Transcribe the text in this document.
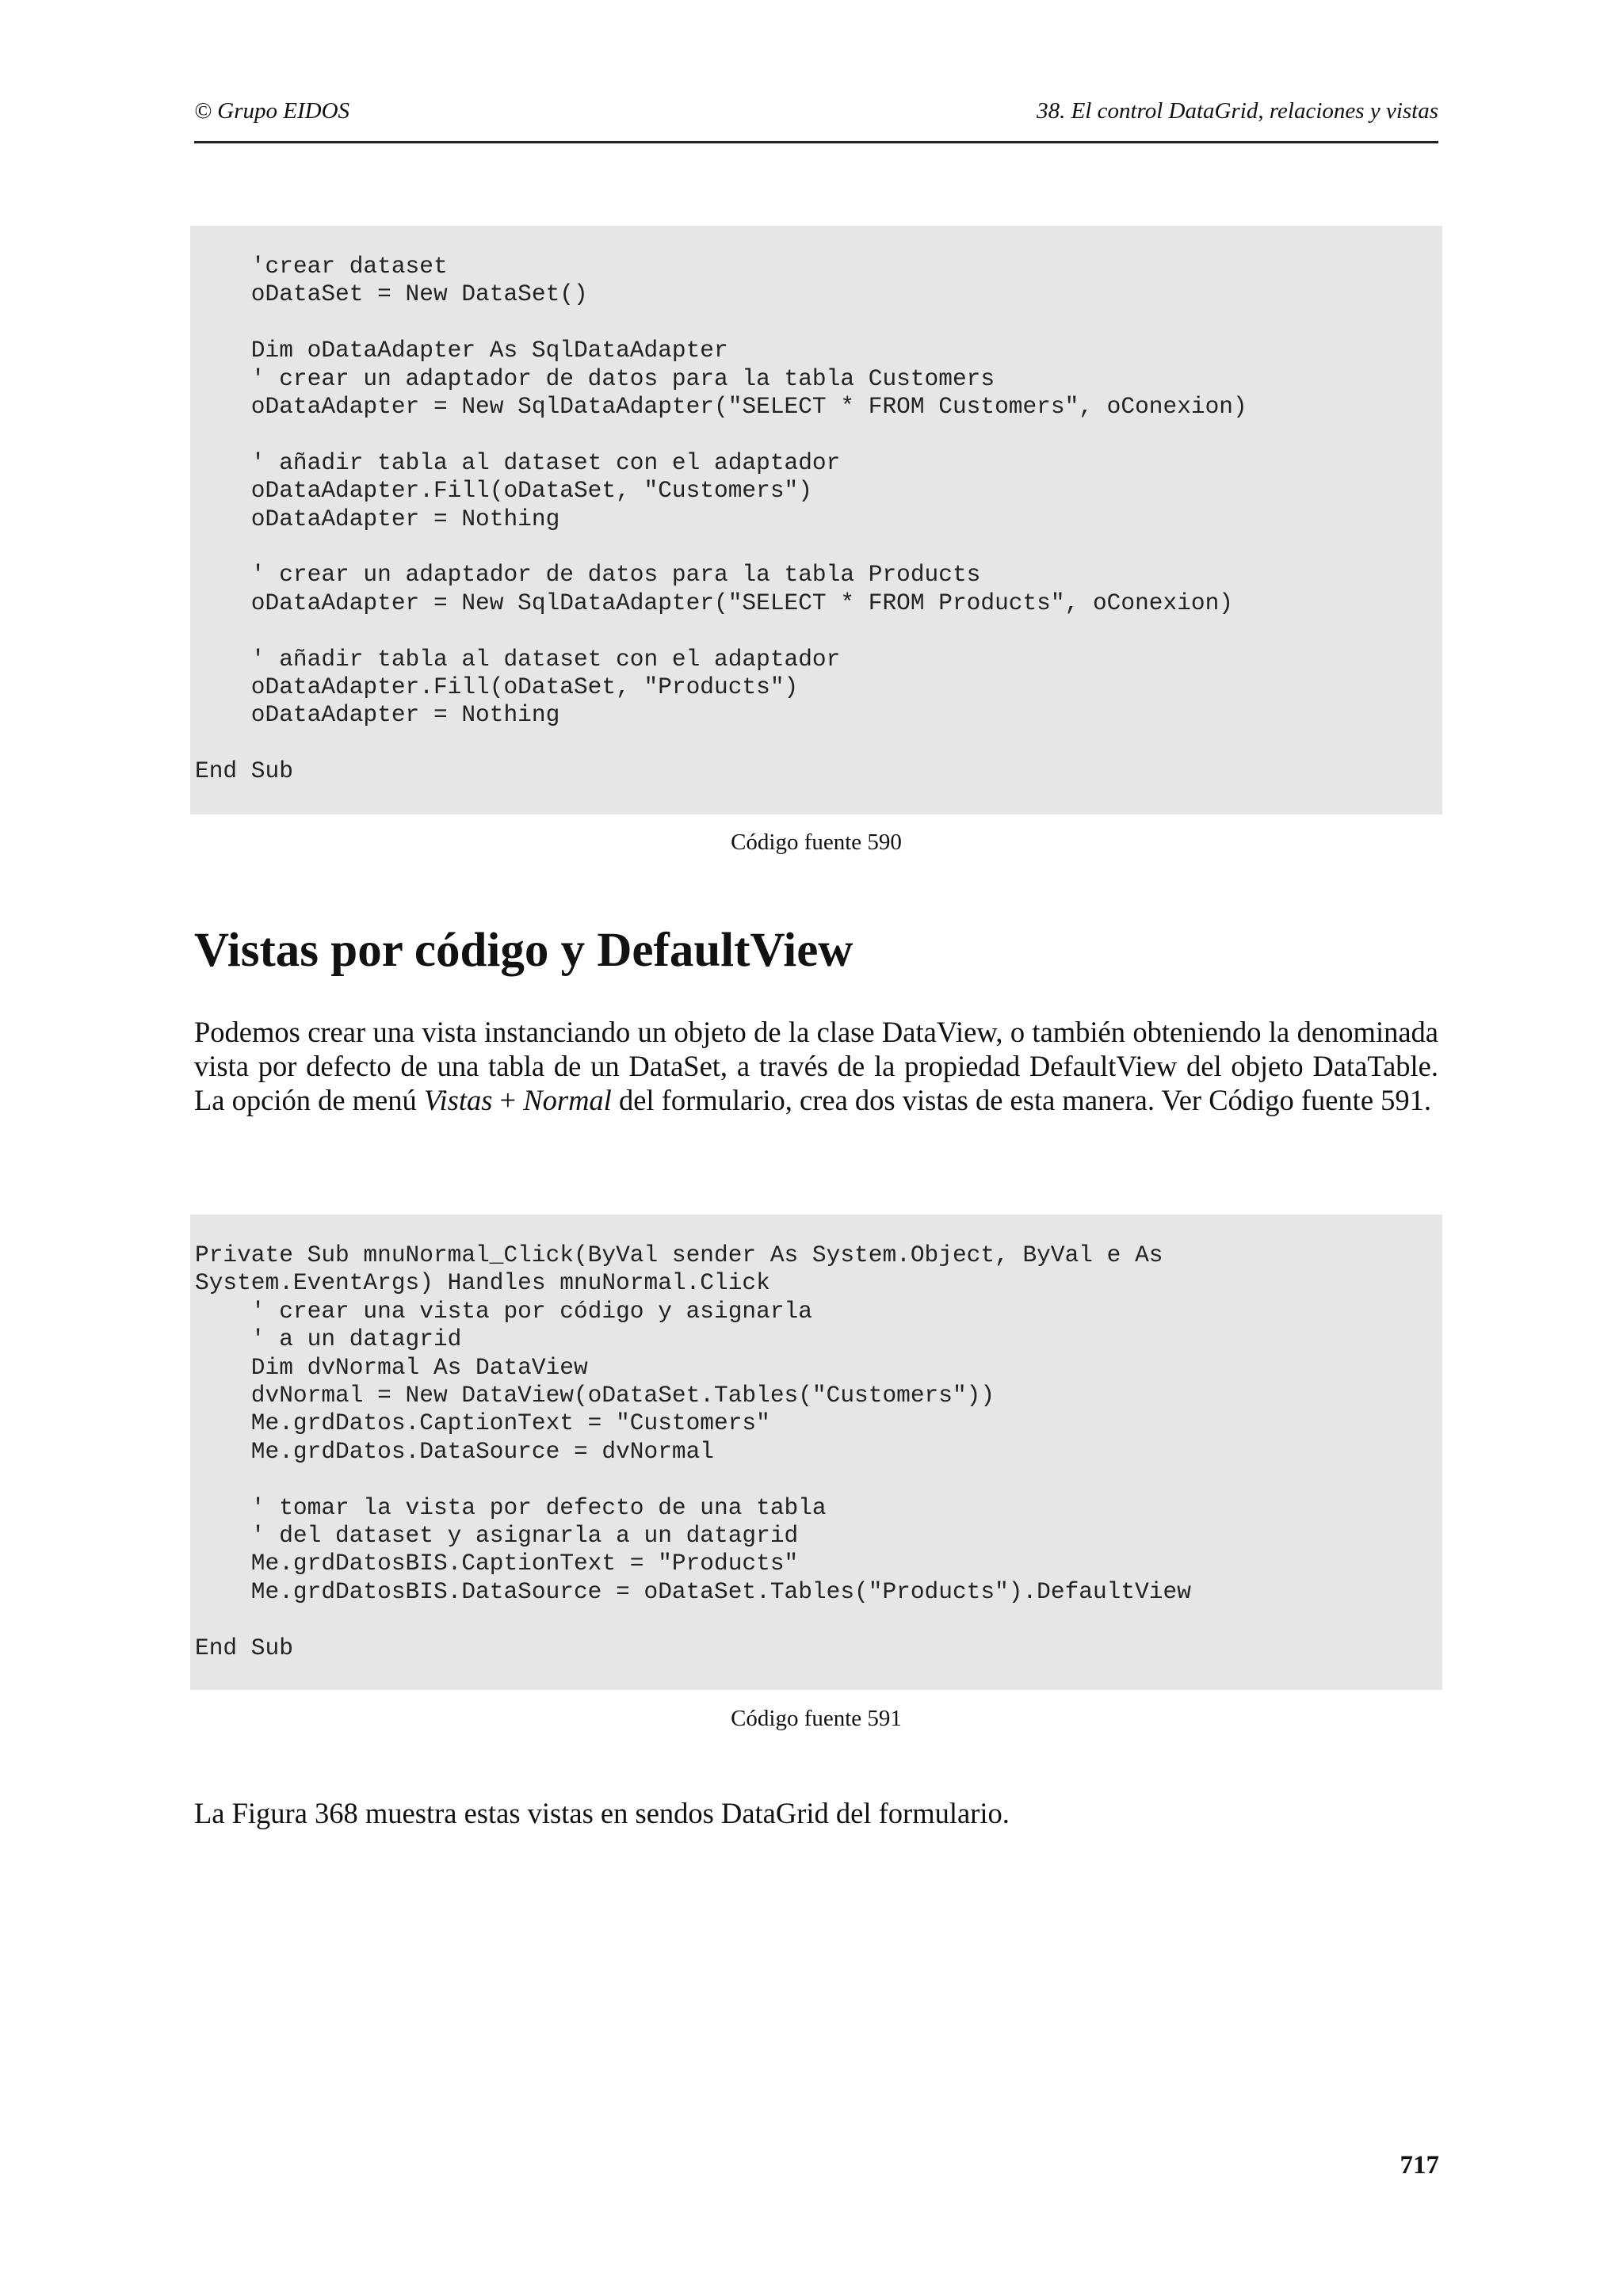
© Grupo EIDOS	38. El control DataGrid, relaciones y vistas
'crear dataset
oDataSet = New DataSet()
Dim oDataAdapter As SqlDataAdapter
' crear un adaptador de datos para la tabla Customers
oDataAdapter = New SqlDataAdapter("SELECT * FROM Customers", oConexion)
' añadir tabla al dataset con el adaptador
oDataAdapter.Fill(oDataSet, "Customers")
oDataAdapter = Nothing
' crear un adaptador de datos para la tabla Products
oDataAdapter = New SqlDataAdapter("SELECT * FROM Products", oConexion)
' añadir tabla al dataset con el adaptador
oDataAdapter.Fill(oDataSet, "Products")
oDataAdapter = Nothing
End Sub
Código fuente 590
Vistas por código y DefaultView

Podemos crear una vista instanciando un objeto de la clase DataView, o también obteniendo la denominada vista por defecto de una tabla de un DataSet, a través de la propiedad DefaultView del objeto DataTable. La opción de menú Vistas + Normal del formulario, crea dos vistas de esta manera. Ver Código fuente 591.

Private Sub mnuNormal_Click(ByVal sender As System.Object, ByVal e As
System.EventArgs) Handles mnuNormal.Click
' crear una vista por código y asignarla
' a un datagrid
Dim dvNormal As DataView
dvNormal = New DataView(oDataSet.Tables("Customers"))
Me.grdDatos.CaptionText = "Customers"
Me.grdDatos.DataSource = dvNormal
' tomar la vista por defecto de una tabla
' del dataset y asignarla a un datagrid
Me.grdDatosBIS.CaptionText = "Products"
Me.grdDatosBIS.DataSource = oDataSet.Tables("Products").DefaultView
End Sub
Código fuente 591

La Figura 368 muestra estas vistas en sendos DataGrid del formulario.

717
